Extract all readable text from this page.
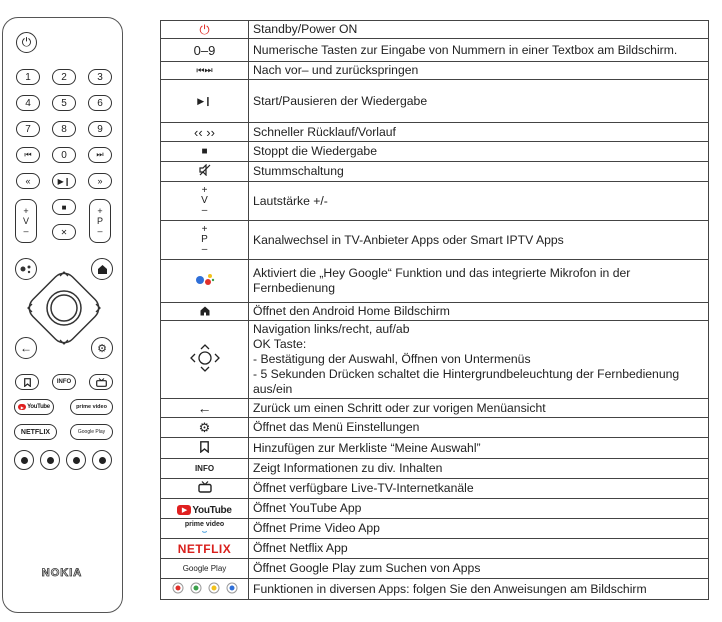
⏻
1	2	3
4	5	6
7	8	9
⏮	0	⏭
«	▶❙	»
+
V
–
■
✕
+
P
–
←	⚙
INFO
▶ YouTube	prime video
NETFLIX	Google Play
NOKIA
⏻	Standby/Power ON
0–9	Numerische Tasten zur Eingabe von Nummern in einer Textbox am Bildschirm.
⏮⏭	Nach vor– und zurückspringen
▶❙	Start/Pausieren der Wiedergabe
‹‹ ››	Schneller Rücklauf/Vorlauf
■	Stoppt die Wiedergabe
	Stummschaltung
+
V
–	Lautstärke +/-
+
P
–	Kanalwechsel in TV-Anbieter Apps oder Smart IPTV Apps
	Aktiviert die „Hey Google“ Funktion und das integrierte Mikrofon in der Fernbedienung
	Öffnet den Android Home Bildschirm

Navigation links/recht, auf/ab
OK Taste:
- Bestätigung der Auswahl, Öffnen von Untermenüs
- 5 Sekunden Drücken schaltet die Hintergrundbeleuchtung der Fernbedienung aus/ein

←	Zurück um einen Schritt oder zur vorigen Menüansicht
⚙	Öffnet das Menü Einstellungen
	Hinzufügen zur Merkliste “Meine Auswahl”
INFO	Zeigt Informationen zu div. Inhalten
	Öffnet verfügbare Live-TV-Internetkanäle

▶ YouTube	Öffnet YouTube App
prime video
⌣	Öffnet Prime Video App
NETFLIX	Öffnet Netflix App
Google Play	Öffnet Google Play zum Suchen von Apps
	Funktionen in diversen Apps: folgen Sie den Anweisungen am Bildschirm
